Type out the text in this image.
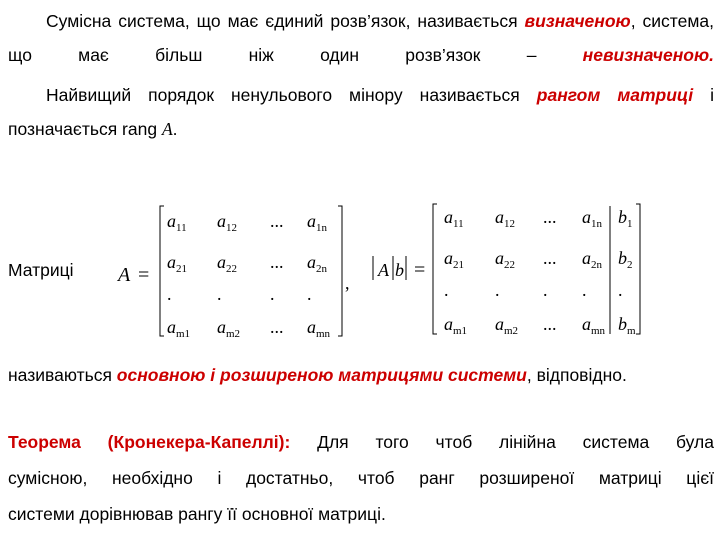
Сумісна система, що має єдиний розв’язок, називається визначеною, система, що має більш ніж один розв’язок – невизначеною.
Найвищий порядок ненульового мінору називається рангом матриці і позначається rang A.
Матриці A =
$a_{11}$ $a_{12}$ ... $a_{1n}$
$a_{21}$ $a_{22}$ ... $a_{2n}$
.	.	. .
$a_{m1}$ $a_{m2}$ ... $a_{mn}$
,
A b =
$a_{11}$ $a_{12}$ ... $a_{1n}$ $b_1$
$a_{21}$ $a_{22}$ ... $a_{2n}$ $b_2$
.	. . . .
$a_{m1}$ $a_{m2}$ ... $a_{mn}$ $b_m$
називаються основною і розширеною матрицями системи, відповідно.
Теорема (Кронекера-Капеллі): Для того чтоб лінійна система була
сумісною, необхідно і достатньо, чтоб ранг розширеної матриці цієї
системи дорівнював рангу її основної матриці.
